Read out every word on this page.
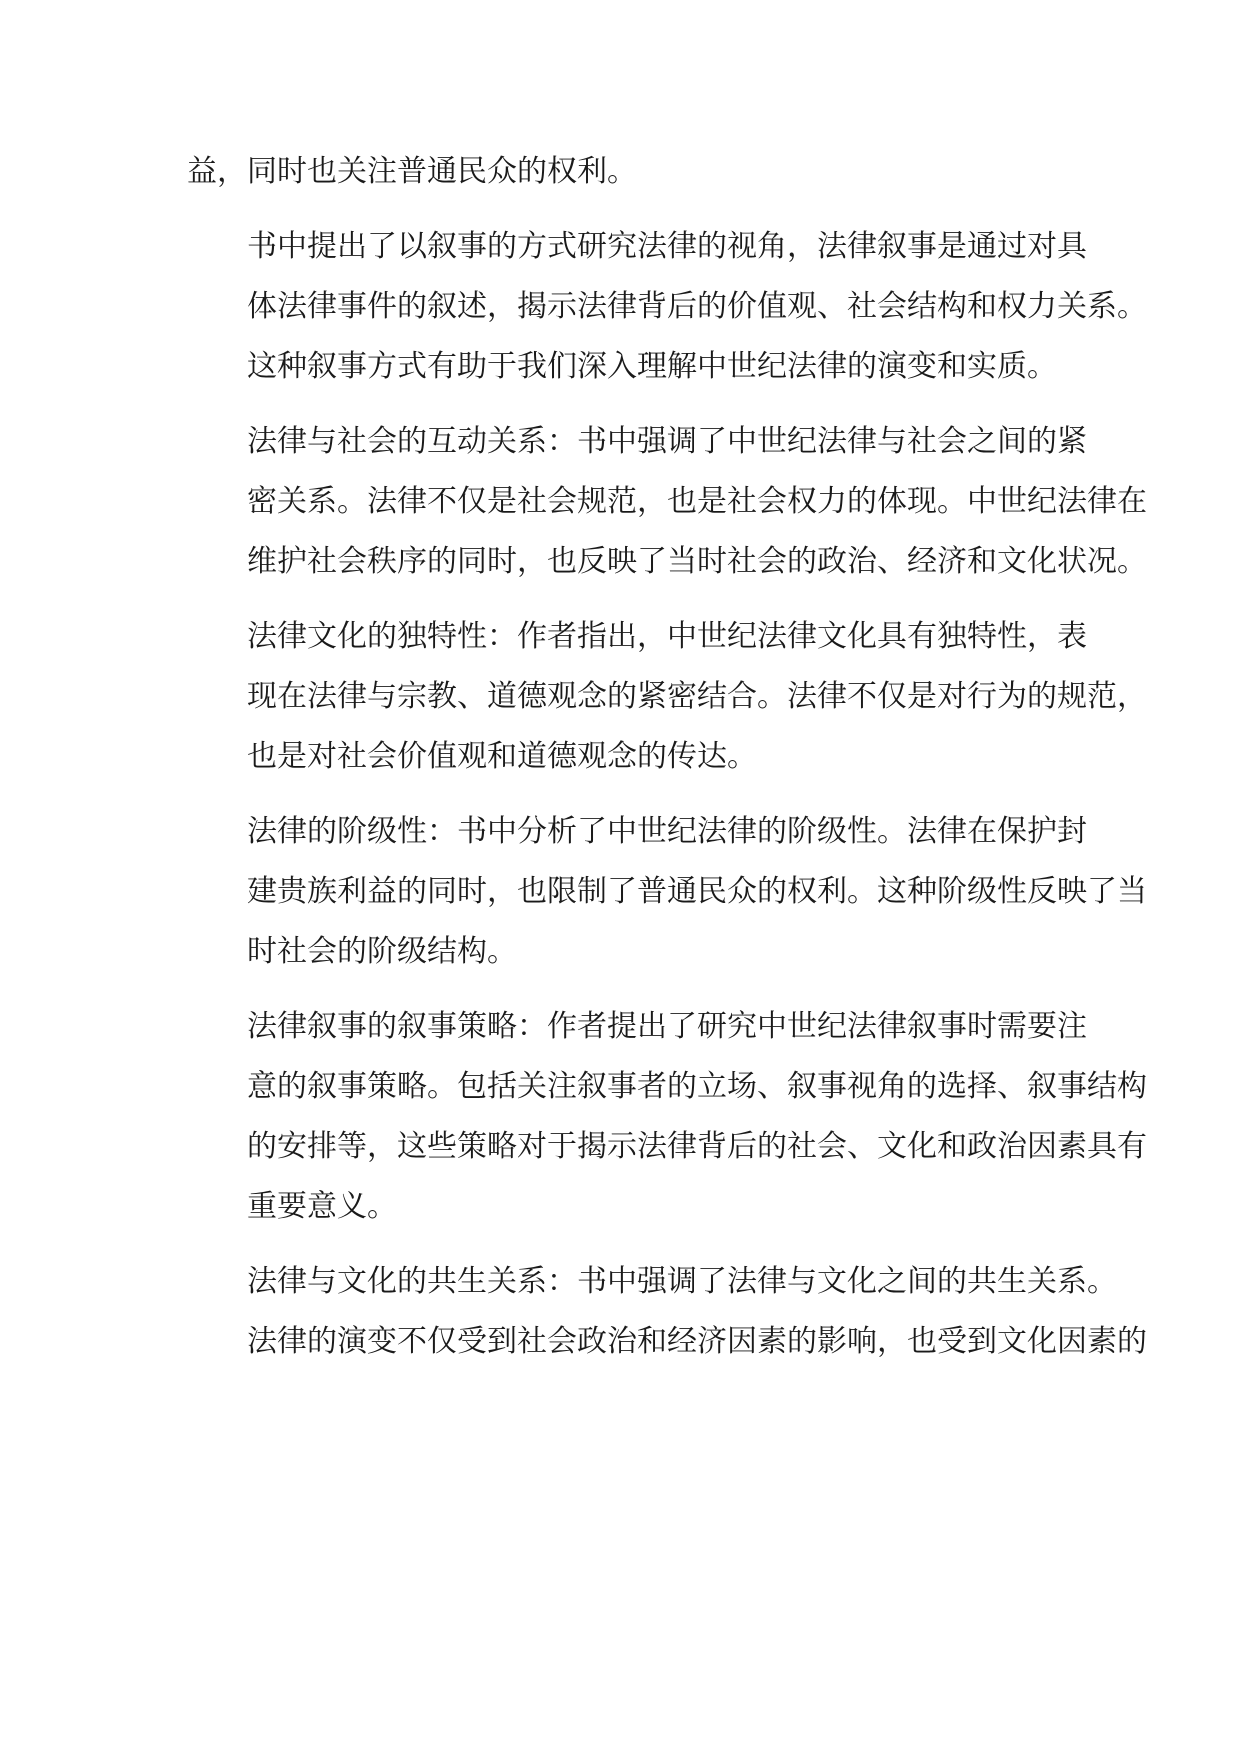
益，同时也关注普通民众的权利。

书中提出了以叙事的方式研究法律的视角，法律叙事是通过对具
体法律事件的叙述，揭示法律背后的价值观、社会结构和权力关系。
这种叙事方式有助于我们深入理解中世纪法律的演变和实质。

法律与社会的互动关系：书中强调了中世纪法律与社会之间的紧
密关系。法律不仅是社会规范，也是社会权力的体现。中世纪法律在
维护社会秩序的同时，也反映了当时社会的政治、经济和文化状况。

法律文化的独特性：作者指出，中世纪法律文化具有独特性，表
现在法律与宗教、道德观念的紧密结合。法律不仅是对行为的规范，
也是对社会价值观和道德观念的传达。

法律的阶级性：书中分析了中世纪法律的阶级性。法律在保护封
建贵族利益的同时，也限制了普通民众的权利。这种阶级性反映了当
时社会的阶级结构。

法律叙事的叙事策略：作者提出了研究中世纪法律叙事时需要注
意的叙事策略。包括关注叙事者的立场、叙事视角的选择、叙事结构
的安排等，这些策略对于揭示法律背后的社会、文化和政治因素具有
重要意义。

法律与文化的共生关系：书中强调了法律与文化之间的共生关系。
法律的演变不仅受到社会政治和经济因素的影响，也受到文化因素的
